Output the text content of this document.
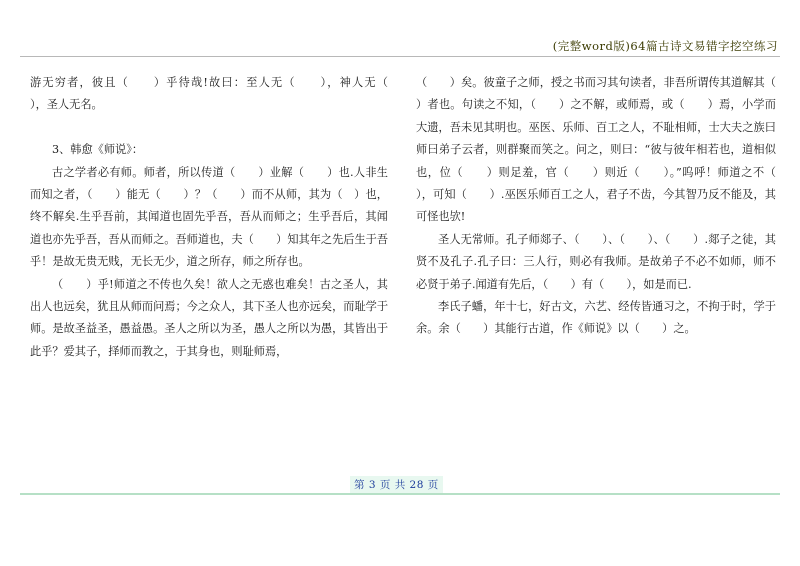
(完整word版)64篇古诗文易错字挖空练习

游无穷者，彼且（　　）乎待哉!故曰：至人无（　　），神人无（　　），圣人无名。

3、韩愈《师说》：

古之学者必有师。师者，所以传道（　　）业解（　　）也.人非生而知之者，（　　）能无（　　）？（　　）而不从师，其为（　）也，终不解矣.生乎吾前，其闻道也固先乎吾，吾从而师之；生乎吾后，其闻道也亦先乎吾，吾从而师之。吾师道也，夫（　　）知其年之先后生于吾乎！是故无贵无贱，无长无少，道之所存，师之所存也。

（　　）乎!师道之不传也久矣！欲人之无惑也难矣！古之圣人，其出人也远矣，犹且从师而问焉；今之众人，其下圣人也亦远矣，而耻学于师。是故圣益圣，愚益愚。圣人之所以为圣，愚人之所以为愚，其皆出于此乎？爱其子，择师而教之，于其身也，则耻师焉，

（　　）矣。彼童子之师，授之书而习其句读者，非吾所谓传其道解其（　　）者也。句读之不知，（　　）之不解，或师焉，或（　　）焉，小学而大遗，吾未见其明也。巫医、乐师、百工之人，不耻相师，士大夫之族曰师曰弟子云者，则群聚而笑之。问之，则曰：“彼与彼年相若也，道相似也，位（　　）则足羞，官（　　）则近（　　）。”呜呼！师道之不（　　），可知（　　）.巫医乐师百工之人，君子不齿，今其智乃反不能及，其可怪也欤!

圣人无常师。孔子师郯子、（　　）、（　　）、（　　）.郯子之徒，其贤不及孔子.孔子曰：三人行，则必有我师。是故弟子不必不如师，师不必贤于弟子.闻道有先后，（　　）有（　　），如是而已.

李氏子蟠，年十七，好古文，六艺、经传皆通习之，不拘于时，学于余。余（　　）其能行古道，作《师说》以（　　）之。

第 3 页 共 28 页
